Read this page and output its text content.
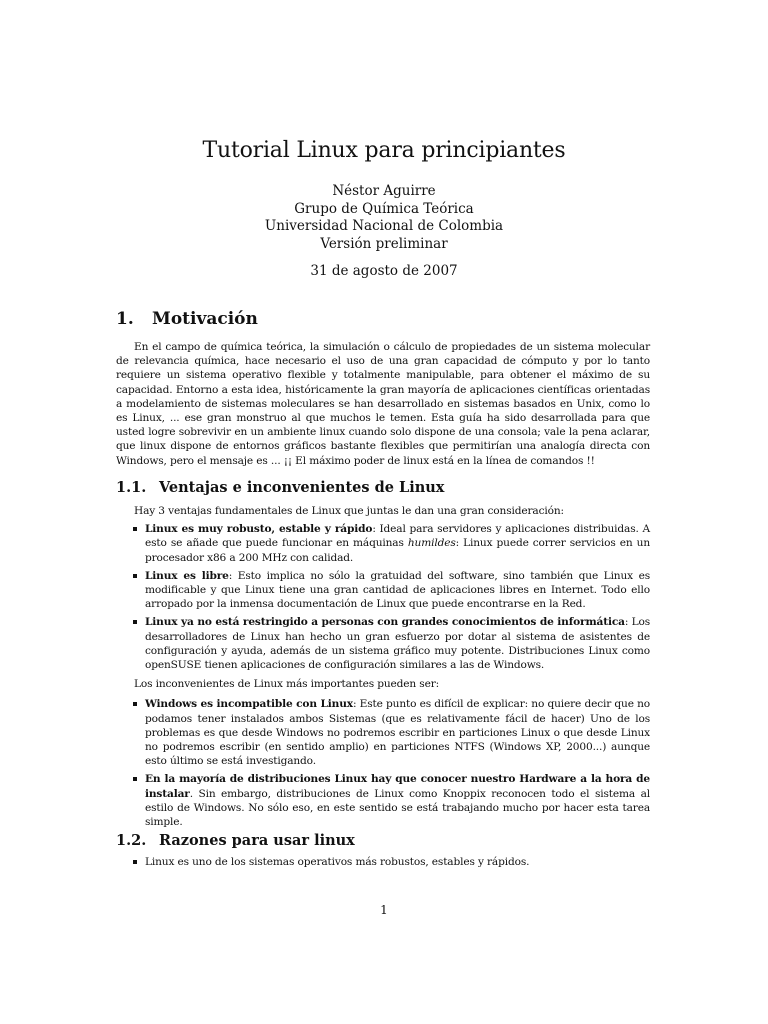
Tutorial Linux para principiantes
Néstor Aguirre
Grupo de Química Teórica
Universidad Nacional de Colombia
Versión preliminar
31 de agosto de 2007
1. Motivación

En el campo de química teórica, la simulación o cálculo de propiedades de un sistema molecular de relevancia química, hace necesario el uso de una gran capacidad de cómputo y por lo tanto requiere un sistema operativo flexible y totalmente manipulable, para obtener el máximo de su capacidad. Entorno a esta idea, históricamente la gran mayoría de aplicaciones científicas orientadas a modelamiento de sistemas moleculares se han desarrollado en sistemas basados en Unix, como lo es Linux, ... ese gran monstruo al que muchos le temen. Esta guía ha sido desarrollada para que usted logre sobrevivir en un ambiente linux cuando solo dispone de una consola; vale la pena aclarar, que linux dispone de entornos gráficos bastante flexibles que permitirían una analogía directa con Windows, pero el mensaje es ... ¡¡ El máximo poder de linux está en la línea de comandos !!

1.1. Ventajas e inconvenientes de Linux

Hay 3 ventajas fundamentales de Linux que juntas le dan una gran consideración:

Linux es muy robusto, estable y rápido: Ideal para servidores y aplicaciones distribuidas. A esto se añade que puede funcionar en máquinas humildes: Linux puede correr servicios en un procesador x86 a 200 MHz con calidad.
Linux es libre: Esto implica no sólo la gratuidad del software, sino también que Linux es modificable y que Linux tiene una gran cantidad de aplicaciones libres en Internet. Todo ello arropado por la inmensa documentación de Linux que puede encontrarse en la Red.
Linux ya no está restringido a personas con grandes conocimientos de informática: Los desarrolladores de Linux han hecho un gran esfuerzo por dotar al sistema de asistentes de configuración y ayuda, además de un sistema gráfico muy potente. Distribuciones Linux como openSUSE tienen aplicaciones de configuración similares a las de Windows.

Los inconvenientes de Linux más importantes pueden ser:

Windows es incompatible con Linux: Este punto es difícil de explicar: no quiere decir que no podamos tener instalados ambos Sistemas (que es relativamente fácil de hacer) Uno de los problemas es que desde Windows no podremos escribir en particiones Linux o que desde Linux no podremos escribir (en sentido amplio) en particiones NTFS (Windows XP, 2000...) aunque esto último se está investigando.
En la mayoría de distribuciones Linux hay que conocer nuestro Hardware a la hora de instalar. Sin embargo, distribuciones de Linux como Knoppix reconocen todo el sistema al estilo de Windows. No sólo eso, en este sentido se está trabajando mucho por hacer esta tarea simple.
1.2. Razones para usar linux
Linux es uno de los sistemas operativos más robustos, estables y rápidos.
1
